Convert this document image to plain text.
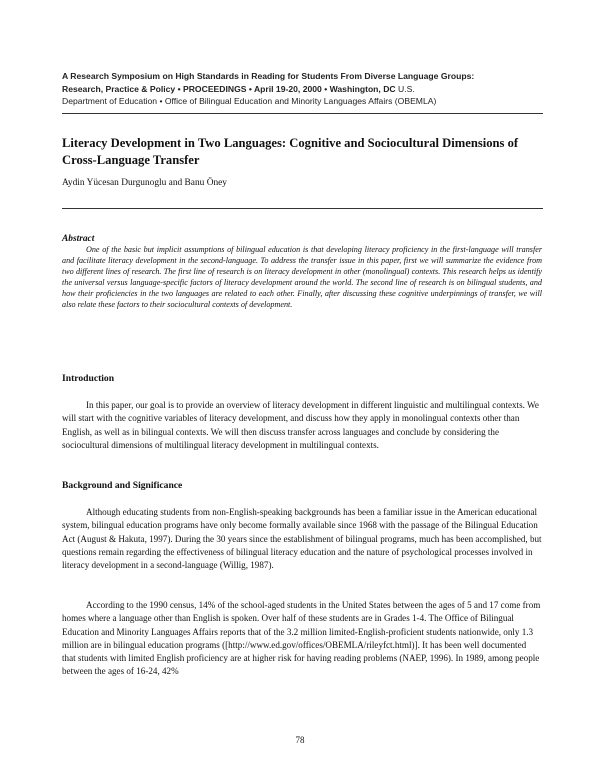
A Research Symposium on High Standards in Reading for Students From Diverse Language Groups:
Research, Practice & Policy • PROCEEDINGS • April 19-20, 2000 • Washington, DC U.S.
Department of Education • Office of Bilingual Education and Minority Languages Affairs (OBEMLA)
Literacy Development in Two Languages: Cognitive and Sociocultural Dimensions of Cross-Language Transfer
Aydin Yücesan Durgunoglu and Banu Öney
Abstract

One of the basic but implicit assumptions of bilingual education is that developing literacy proficiency in the first-language will transfer and facilitate literacy development in the second-language. To address the transfer issue in this paper, first we will summarize the evidence from two different lines of research. The first line of research is on literacy development in other (monolingual) contexts. This research helps us identify the universal versus language-specific factors of literacy development around the world. The second line of research is on bilingual students, and how their proficiencies in the two languages are related to each other. Finally, after discussing these cognitive underpinnings of transfer, we will also relate these factors to their sociocultural contexts of development.

Introduction

In this paper, our goal is to provide an overview of literacy development in different linguistic and multilingual contexts. We will start with the cognitive variables of literacy development, and discuss how they apply in monolingual contexts other than English, as well as in bilingual contexts. We will then discuss transfer across languages and conclude by considering the sociocultural dimensions of multilingual literacy development in multilingual contexts.

Background and Significance

Although educating students from non-English-speaking backgrounds has been a familiar issue in the American educational system, bilingual education programs have only become formally available since 1968 with the passage of the Bilingual Education Act (August & Hakuta, 1997). During the 30 years since the establishment of bilingual programs, much has been accomplished, but questions remain regarding the effectiveness of bilingual literacy education and the nature of psychological processes involved in literacy development in a second-language (Willig, 1987).

According to the 1990 census, 14% of the school-aged students in the United States between the ages of 5 and 17 come from homes where a language other than English is spoken. Over half of these students are in Grades 1-4. The Office of Bilingual Education and Minority Languages Affairs reports that of the 3.2 million limited-English-proficient students nationwide, only 1.3 million are in bilingual education programs ([http://www.ed.gov/offices/OBEMLA/rileyfct.html)]. It has been well documented that students with limited English proficiency are at higher risk for having reading problems (NAEP, 1996). In 1989, among people between the ages of 16-24, 42%

78
